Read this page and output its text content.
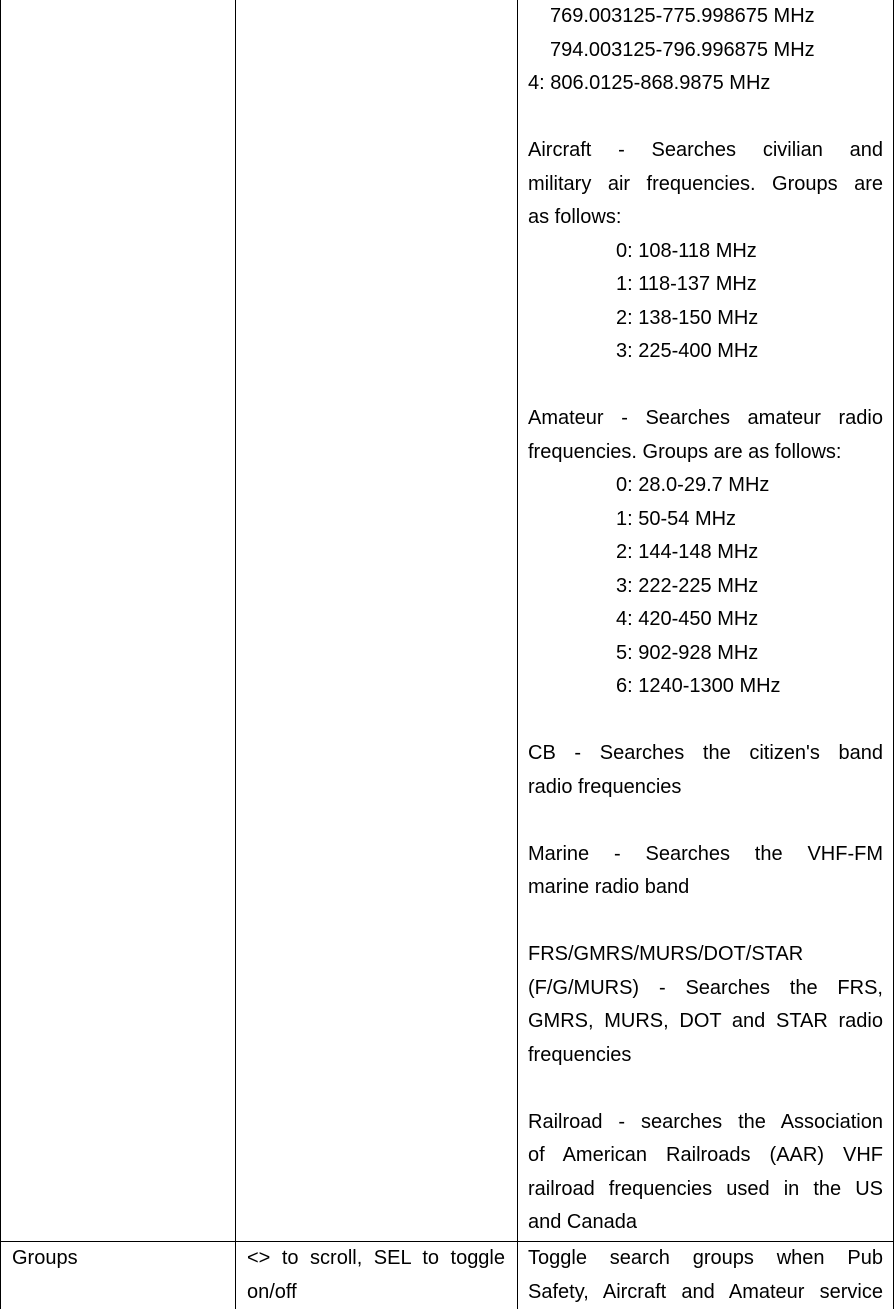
769.003125-775.998675 MHz
794.003125-796.996875 MHz
4: 806.0125-868.9875 MHz
Aircraft - Searches civilian and
military air frequencies. Groups are
as follows:
0: 108-118 MHz
1: 118-137 MHz
2: 138-150 MHz
3: 225-400 MHz
Amateur - Searches amateur radio
frequencies. Groups are as follows:
0: 28.0-29.7 MHz
1: 50-54 MHz
2: 144-148 MHz
3: 222-225 MHz
4: 420-450 MHz
5: 902-928 MHz
6: 1240-1300 MHz
CB - Searches the citizen's band
radio frequencies
Marine - Searches the VHF-FM
marine radio band
FRS/GMRS/MURS/DOT/STAR
(F/G/MURS) - Searches the FRS,
GMRS, MURS, DOT and STAR radio
frequencies
Railroad - searches the Association
of American Railroads (AAR) VHF
railroad frequencies used in the US
and Canada
Groups	<> to scroll, SEL to toggle
on/off
Toggle search groups when Pub
Safety, Aircraft and Amateur service
